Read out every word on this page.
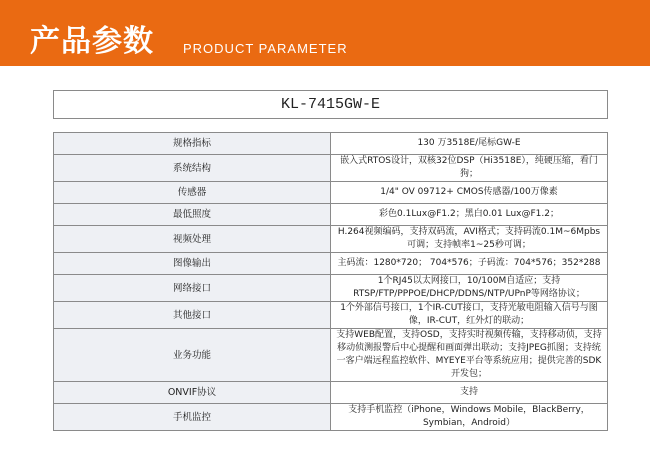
产品参数 PRODUCT PARAMETER
KL-7415GW-E	

规格指标	130 万3518E/尾标GW-E
系统结构	嵌入式RTOS设计，双核32位DSP（Hi3518E），纯硬压缩，看门狗；
传感器	1/4" OV 09712+ CMOS传感器/100万像素
最低照度	彩色0.1Lux@F1.2；黑白0.01 Lux@F1.2；
视频处理	H.264视频编码，支持双码流，AVI格式；支持码流0.1M~6Mpbs可调；支持帧率1~25秒可调；
图像输出	主码流：1280*720； 704*576；子码流：704*576；352*288
网络接口	1个RJ45以太网接口，10/100M自适应；支持RTSP/FTP/PPPOE/DHCP/DDNS/NTP/UPnP等网络协议；
其他接口	1个外部信号接口，1个IR-CUT接口，支持光敏电阻输入信号与图像，IR-CUT，红外灯的联动；
业务功能	支持WEB配置，支持OSD，支持实时视频传输，支持移动侦，支持移动侦测报警后中心提醒和画面弹出联动；支持JPEG抓图；支持统一客户端远程监控软件、MYEYE平台等系统应用；提供完善的SDK开发包；
ONVIF协议	支持
手机监控	支持手机监控（iPhone，Windows Mobile，BlackBerry，Symbian，Android）
